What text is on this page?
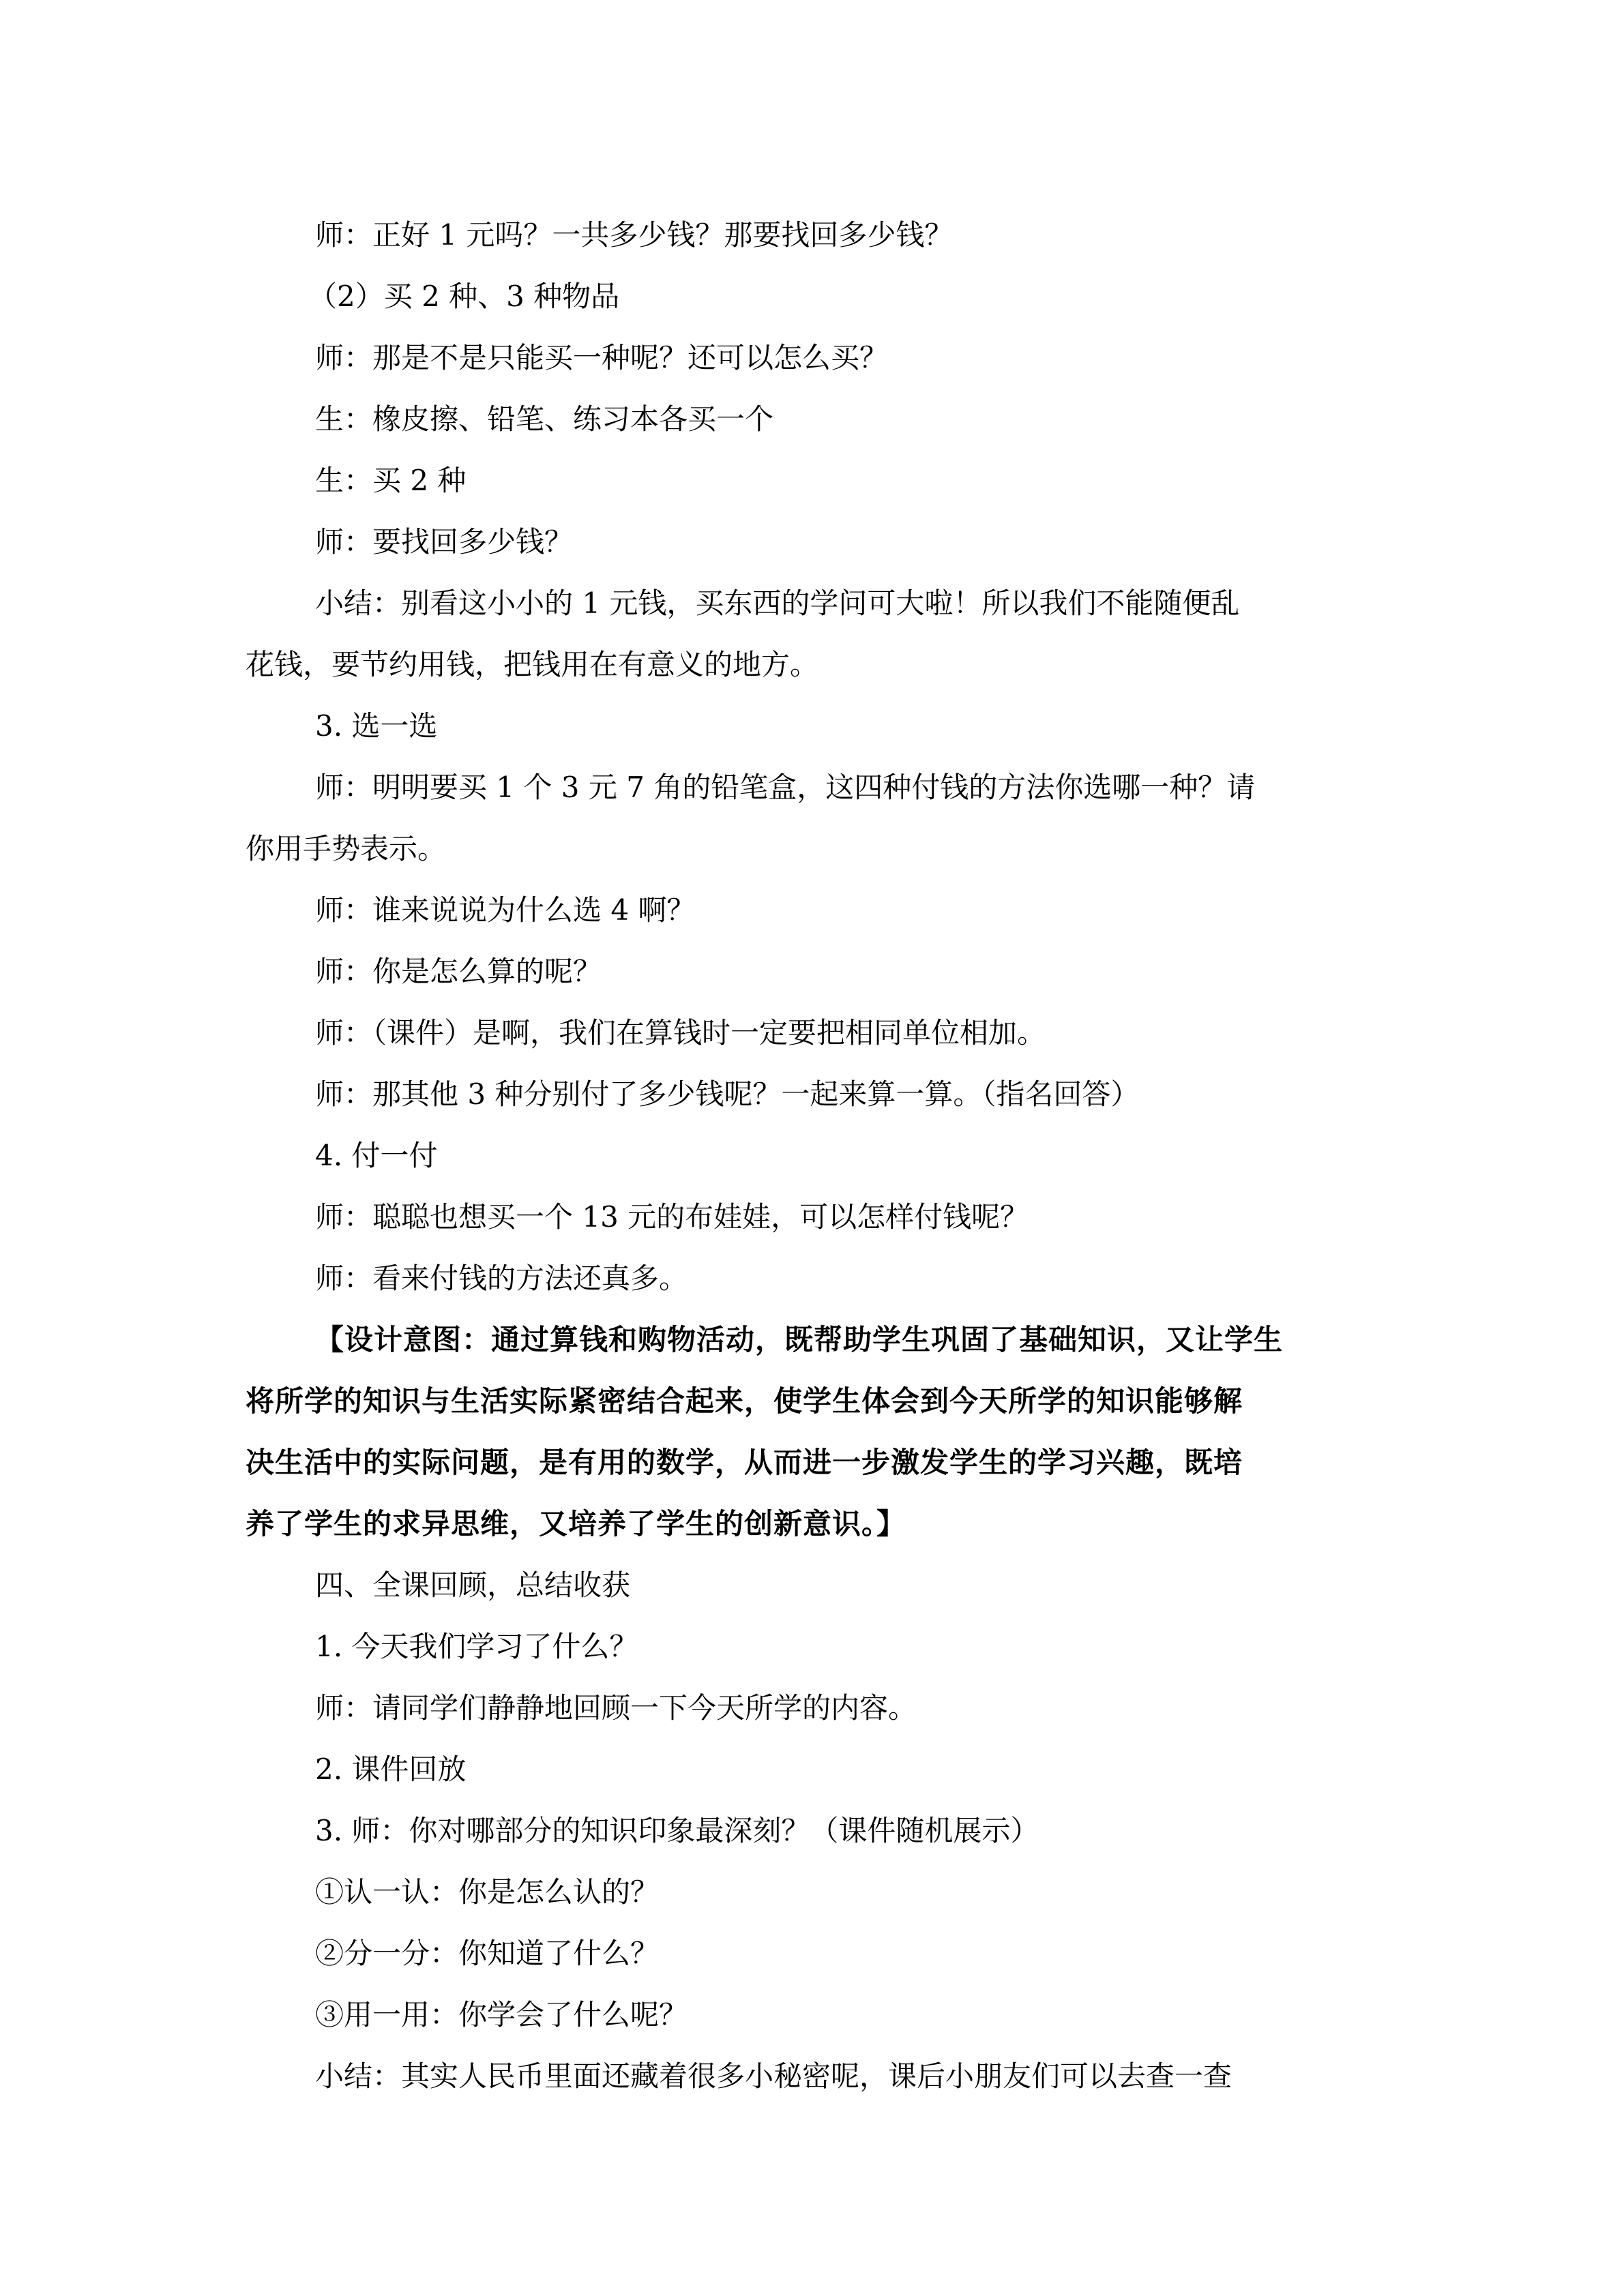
师：正好 1 元吗？一共多少钱？那要找回多少钱？
（2）买 2 种、3 种物品
师：那是不是只能买一种呢？还可以怎么买？
生：橡皮擦、铅笔、练习本各买一个
生：买 2 种
师：要找回多少钱？
小结：别看这小小的 1 元钱，买东西的学问可大啦！所以我们不能随便乱
花钱，要节约用钱，把钱用在有意义的地方。
3. 选一选
师：明明要买 1 个 3 元 7 角的铅笔盒，这四种付钱的方法你选哪一种？请
你用手势表示。
师：谁来说说为什么选 4 啊？
师：你是怎么算的呢？
师：（课件）是啊，我们在算钱时一定要把相同单位相加。
师：那其他 3 种分别付了多少钱呢？一起来算一算。（指名回答）
4. 付一付
师：聪聪也想买一个 13 元的布娃娃，可以怎样付钱呢？
师：看来付钱的方法还真多。
【设计意图：通过算钱和购物活动，既帮助学生巩固了基础知识，又让学生
将所学的知识与生活实际紧密结合起来，使学生体会到今天所学的知识能够解
决生活中的实际问题，是有用的数学，从而进一步激发学生的学习兴趣，既培
养了学生的求异思维，又培养了学生的创新意识。】
四、全课回顾，总结收获
1. 今天我们学习了什么？
师：请同学们静静地回顾一下今天所学的内容。
2. 课件回放
3. 师：你对哪部分的知识印象最深刻？（课件随机展示）
①认一认：你是怎么认的？
②分一分：你知道了什么？
③用一用：你学会了什么呢？
小结：其实人民币里面还藏着很多小秘密呢，课后小朋友们可以去查一查
